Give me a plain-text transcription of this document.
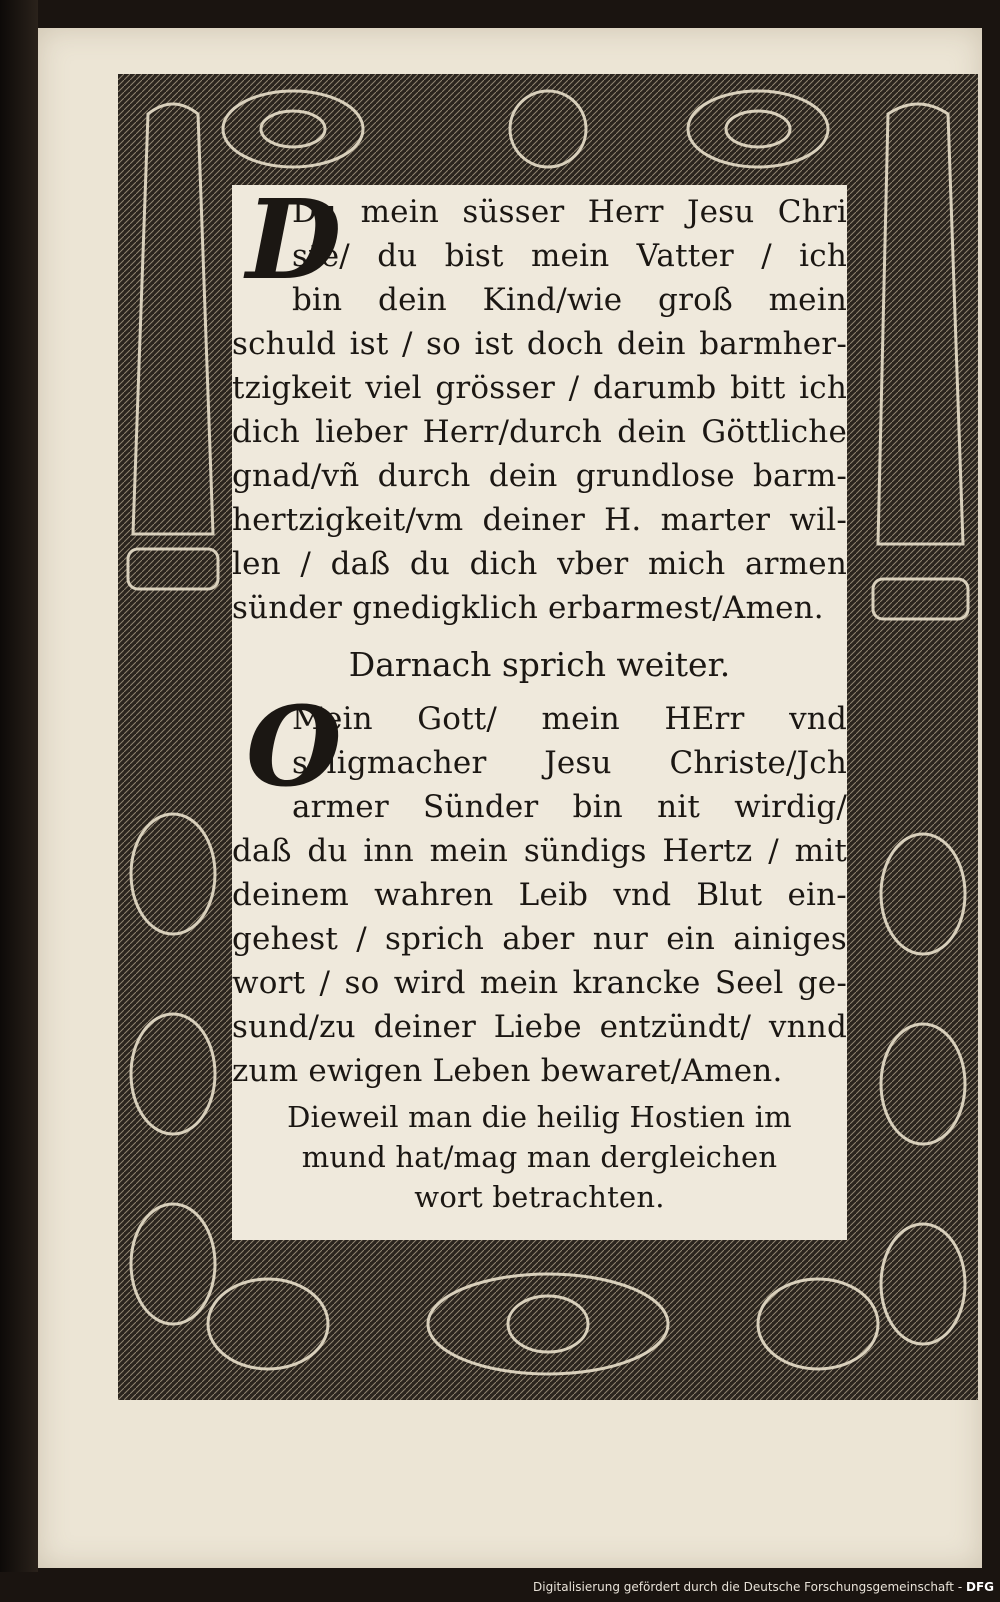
D
Du mein süsser Herr Jesu Chri
ste/ du bist mein Vatter / ich
bin dein Kind/wie groß mein
schuld ist / so ist doch dein barmher-
tzigkeit viel grösser / darumb bitt ich
dich lieber Herr/durch dein Göttliche
gnad/vñ durch dein grundlose barm-
hertzigkeit/vm deiner H. marter wil-
len / daß du dich vber mich armen
sünder gnedigklich erbarmest/Amen.
Darnach sprich weiter.
O
Mein Gott/ mein HErr vnd
seligmacher Jesu Christe/Jch
armer Sünder bin nit wirdig/
daß du inn mein sündigs Hertz / mit
deinem wahren Leib vnd Blut ein-
gehest / sprich aber nur ein ainiges
wort / so wird mein krancke Seel ge-
sund/zu deiner Liebe entzündt/ vnnd
zum ewigen Leben bewaret/Amen.
Dieweil man die heilig Hostien im
mund hat/mag man dergleichen
wort betrachten.
Digitalisierung gefördert durch die Deutsche Forschungsgemeinschaft - DFG
